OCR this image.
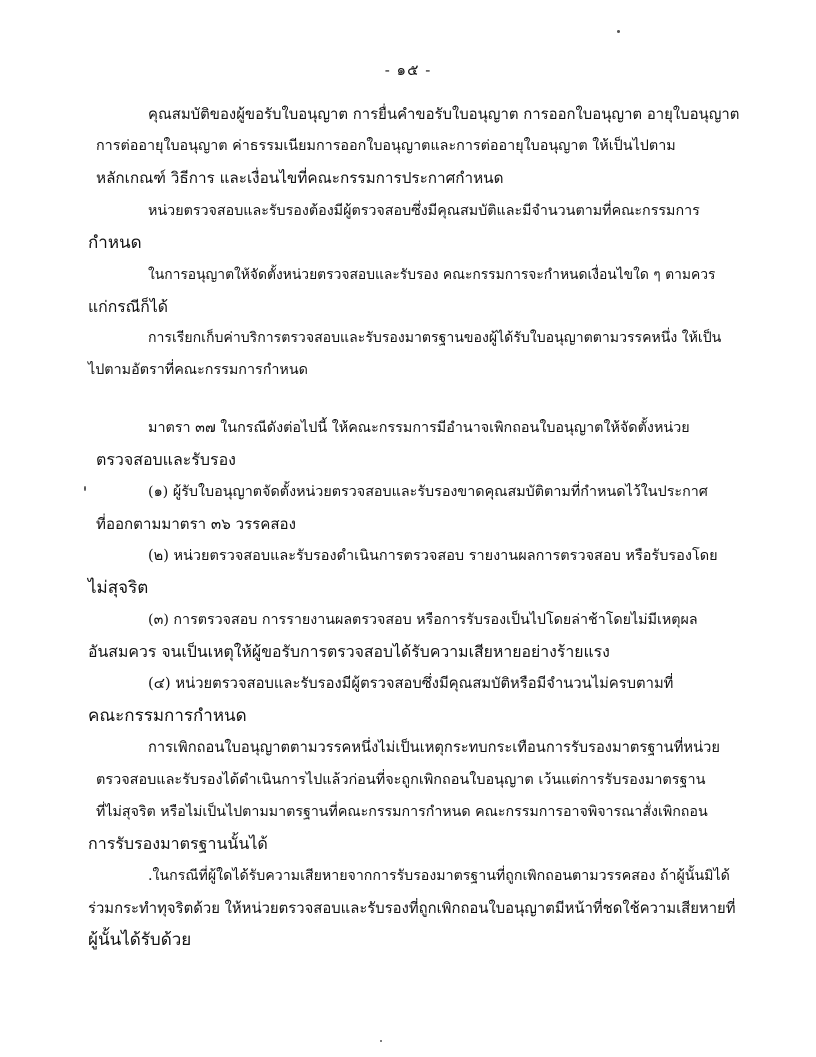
- ๑๕ -
คุณสมบัติของผู้ขอรับใบอนุญาต การยื่นคำขอรับใบอนุญาต การออกใบอนุญาต อายุใบอนุญาต
การต่ออายุใบอนุญาต ค่าธรรมเนียมการออกใบอนุญาตและการต่ออายุใบอนุญาต ให้เป็นไปตาม
หลักเกณฑ์ วิธีการ และเงื่อนไขที่คณะกรรมการประกาศกำหนด
หน่วยตรวจสอบและรับรองต้องมีผู้ตรวจสอบซึ่งมีคุณสมบัติและมีจำนวนตามที่คณะกรรมการ
กำหนด
ในการอนุญาตให้จัดตั้งหน่วยตรวจสอบและรับรอง คณะกรรมการจะกำหนดเงื่อนไขใด ๆ ตามควร
แก่กรณีก็ได้
การเรียกเก็บค่าบริการตรวจสอบและรับรองมาตรฐานของผู้ได้รับใบอนุญาตตามวรรคหนึ่ง ให้เป็น
ไปตามอัตราที่คณะกรรมการกำหนด
มาตรา ๓๗ ในกรณีดังต่อไปนี้ ให้คณะกรรมการมีอำนาจเพิกถอนใบอนุญาตให้จัดตั้งหน่วย
ตรวจสอบและรับรอง
(๑) ผู้รับใบอนุญาตจัดตั้งหน่วยตรวจสอบและรับรองขาดคุณสมบัติตามที่กำหนดไว้ในประกาศ
ที่ออกตามมาตรา ๓๖ วรรคสอง
(๒) หน่วยตรวจสอบและรับรองดำเนินการตรวจสอบ รายงานผลการตรวจสอบ หรือรับรองโดย
ไม่สุจริต
(๓) การตรวจสอบ การรายงานผลตรวจสอบ หรือการรับรองเป็นไปโดยล่าช้าโดยไม่มีเหตุผล
อันสมควร จนเป็นเหตุให้ผู้ขอรับการตรวจสอบได้รับความเสียหายอย่างร้ายแรง
(๔) หน่วยตรวจสอบและรับรองมีผู้ตรวจสอบซึ่งมีคุณสมบัติหรือมีจำนวนไม่ครบตามที่
คณะกรรมการกำหนด
การเพิกถอนใบอนุญาตตามวรรคหนึ่งไม่เป็นเหตุกระทบกระเทือนการรับรองมาตรฐานที่หน่วย
ตรวจสอบและรับรองได้ดำเนินการไปแล้วก่อนที่จะถูกเพิกถอนใบอนุญาต เว้นแต่การรับรองมาตรฐาน
ที่ไม่สุจริต หรือไม่เป็นไปตามมาตรฐานที่คณะกรรมการกำหนด คณะกรรมการอาจพิจารณาสั่งเพิกถอน
การรับรองมาตรฐานนั้นได้
.ในกรณีที่ผู้ใดได้รับความเสียหายจากการรับรองมาตรฐานที่ถูกเพิกถอนตามวรรคสอง ถ้าผู้นั้นมิได้
ร่วมกระทำทุจริตด้วย ให้หน่วยตรวจสอบและรับรองที่ถูกเพิกถอนใบอนุญาตมีหน้าที่ชดใช้ความเสียหายที่
ผู้นั้นได้รับด้วย
